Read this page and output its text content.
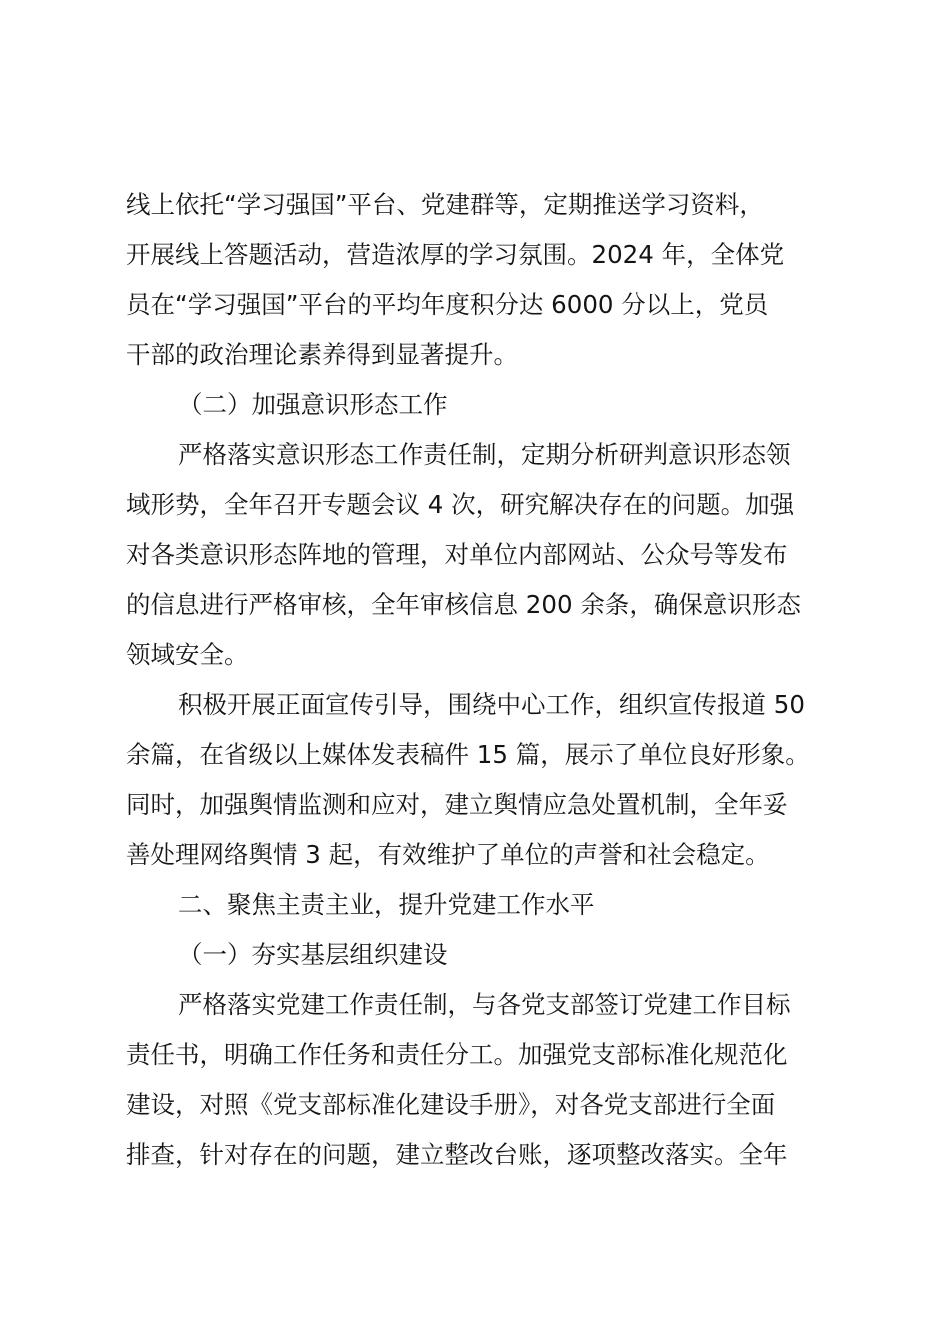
线上依托“学习强国”平台、党建群等，定期推送学习资料，

开展线上答题活动，营造浓厚的学习氛围。2024 年，全体党

员在“学习强国”平台的平均年度积分达 6000 分以上，党员

干部的政治理论素养得到显著提升。

（二）加强意识形态工作

严格落实意识形态工作责任制，定期分析研判意识形态领

域形势，全年召开专题会议 4 次，研究解决存在的问题。加强

对各类意识形态阵地的管理，对单位内部网站、公众号等发布

的信息进行严格审核，全年审核信息 200 余条，确保意识形态

领域安全。

积极开展正面宣传引导，围绕中心工作，组织宣传报道 50

余篇，在省级以上媒体发表稿件 15 篇，展示了单位良好形象。

同时，加强舆情监测和应对，建立舆情应急处置机制，全年妥

善处理网络舆情 3 起，有效维护了单位的声誉和社会稳定。

二、聚焦主责主业，提升党建工作水平

（一）夯实基层组织建设

严格落实党建工作责任制，与各党支部签订党建工作目标

责任书，明确工作任务和责任分工。加强党支部标准化规范化

建设，对照《党支部标准化建设手册》，对各党支部进行全面

排查，针对存在的问题，建立整改台账，逐项整改落实。全年
